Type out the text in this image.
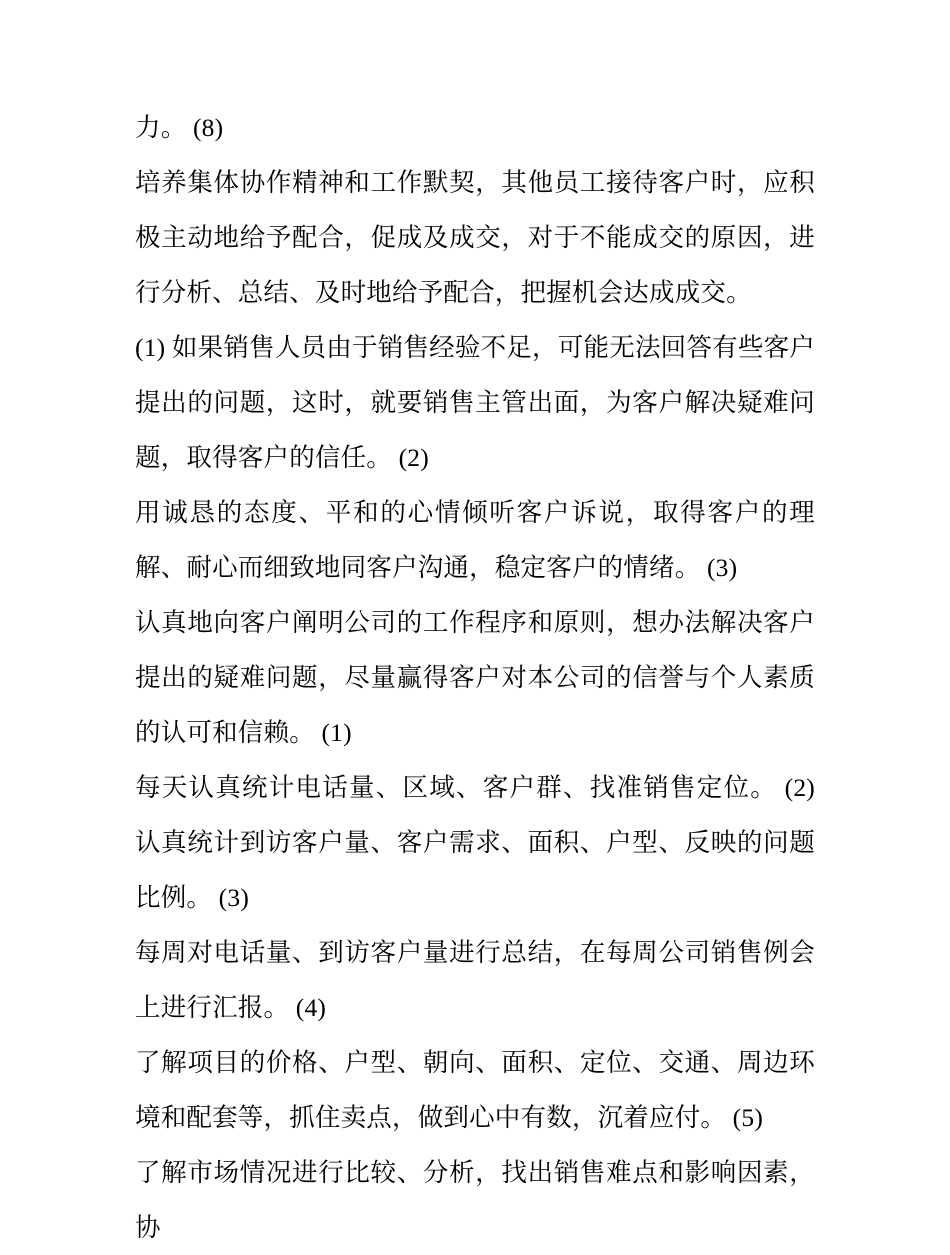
力。 (8)

培养集体协作精神和工作默契，其他员工接待客户时，应积极主动地给予配合，促成及成交，对于不能成交的原因，进行分析、总结、及时地给予配合，把握机会达成成交。

(1) 如果销售人员由于销售经验不足，可能无法回答有些客户提出的问题，这时，就要销售主管出面，为客户解决疑难问题，取得客户的信任。 (2)

用诚恳的态度、平和的心情倾听客户诉说，取得客户的理解、耐心而细致地同客户沟通，稳定客户的情绪。 (3)

认真地向客户阐明公司的工作程序和原则，想办法解决客户提出的疑难问题，尽量赢得客户对本公司的信誉与个人素质的认可和信赖。 (1)

每天认真统计电话量、区域、客户群、找准销售定位。 (2) 认真统计到访客户量、客户需求、面积、户型、反映的问题比例。 (3)

每周对电话量、到访客户量进行总结，在每周公司销售例会上进行汇报。 (4)

了解项目的价格、户型、朝向、面积、定位、交通、周边环境和配套等，抓住卖点，做到心中有数，沉着应付。 (5)

了解市场情况进行比较、分析，找出销售难点和影响因素，协
